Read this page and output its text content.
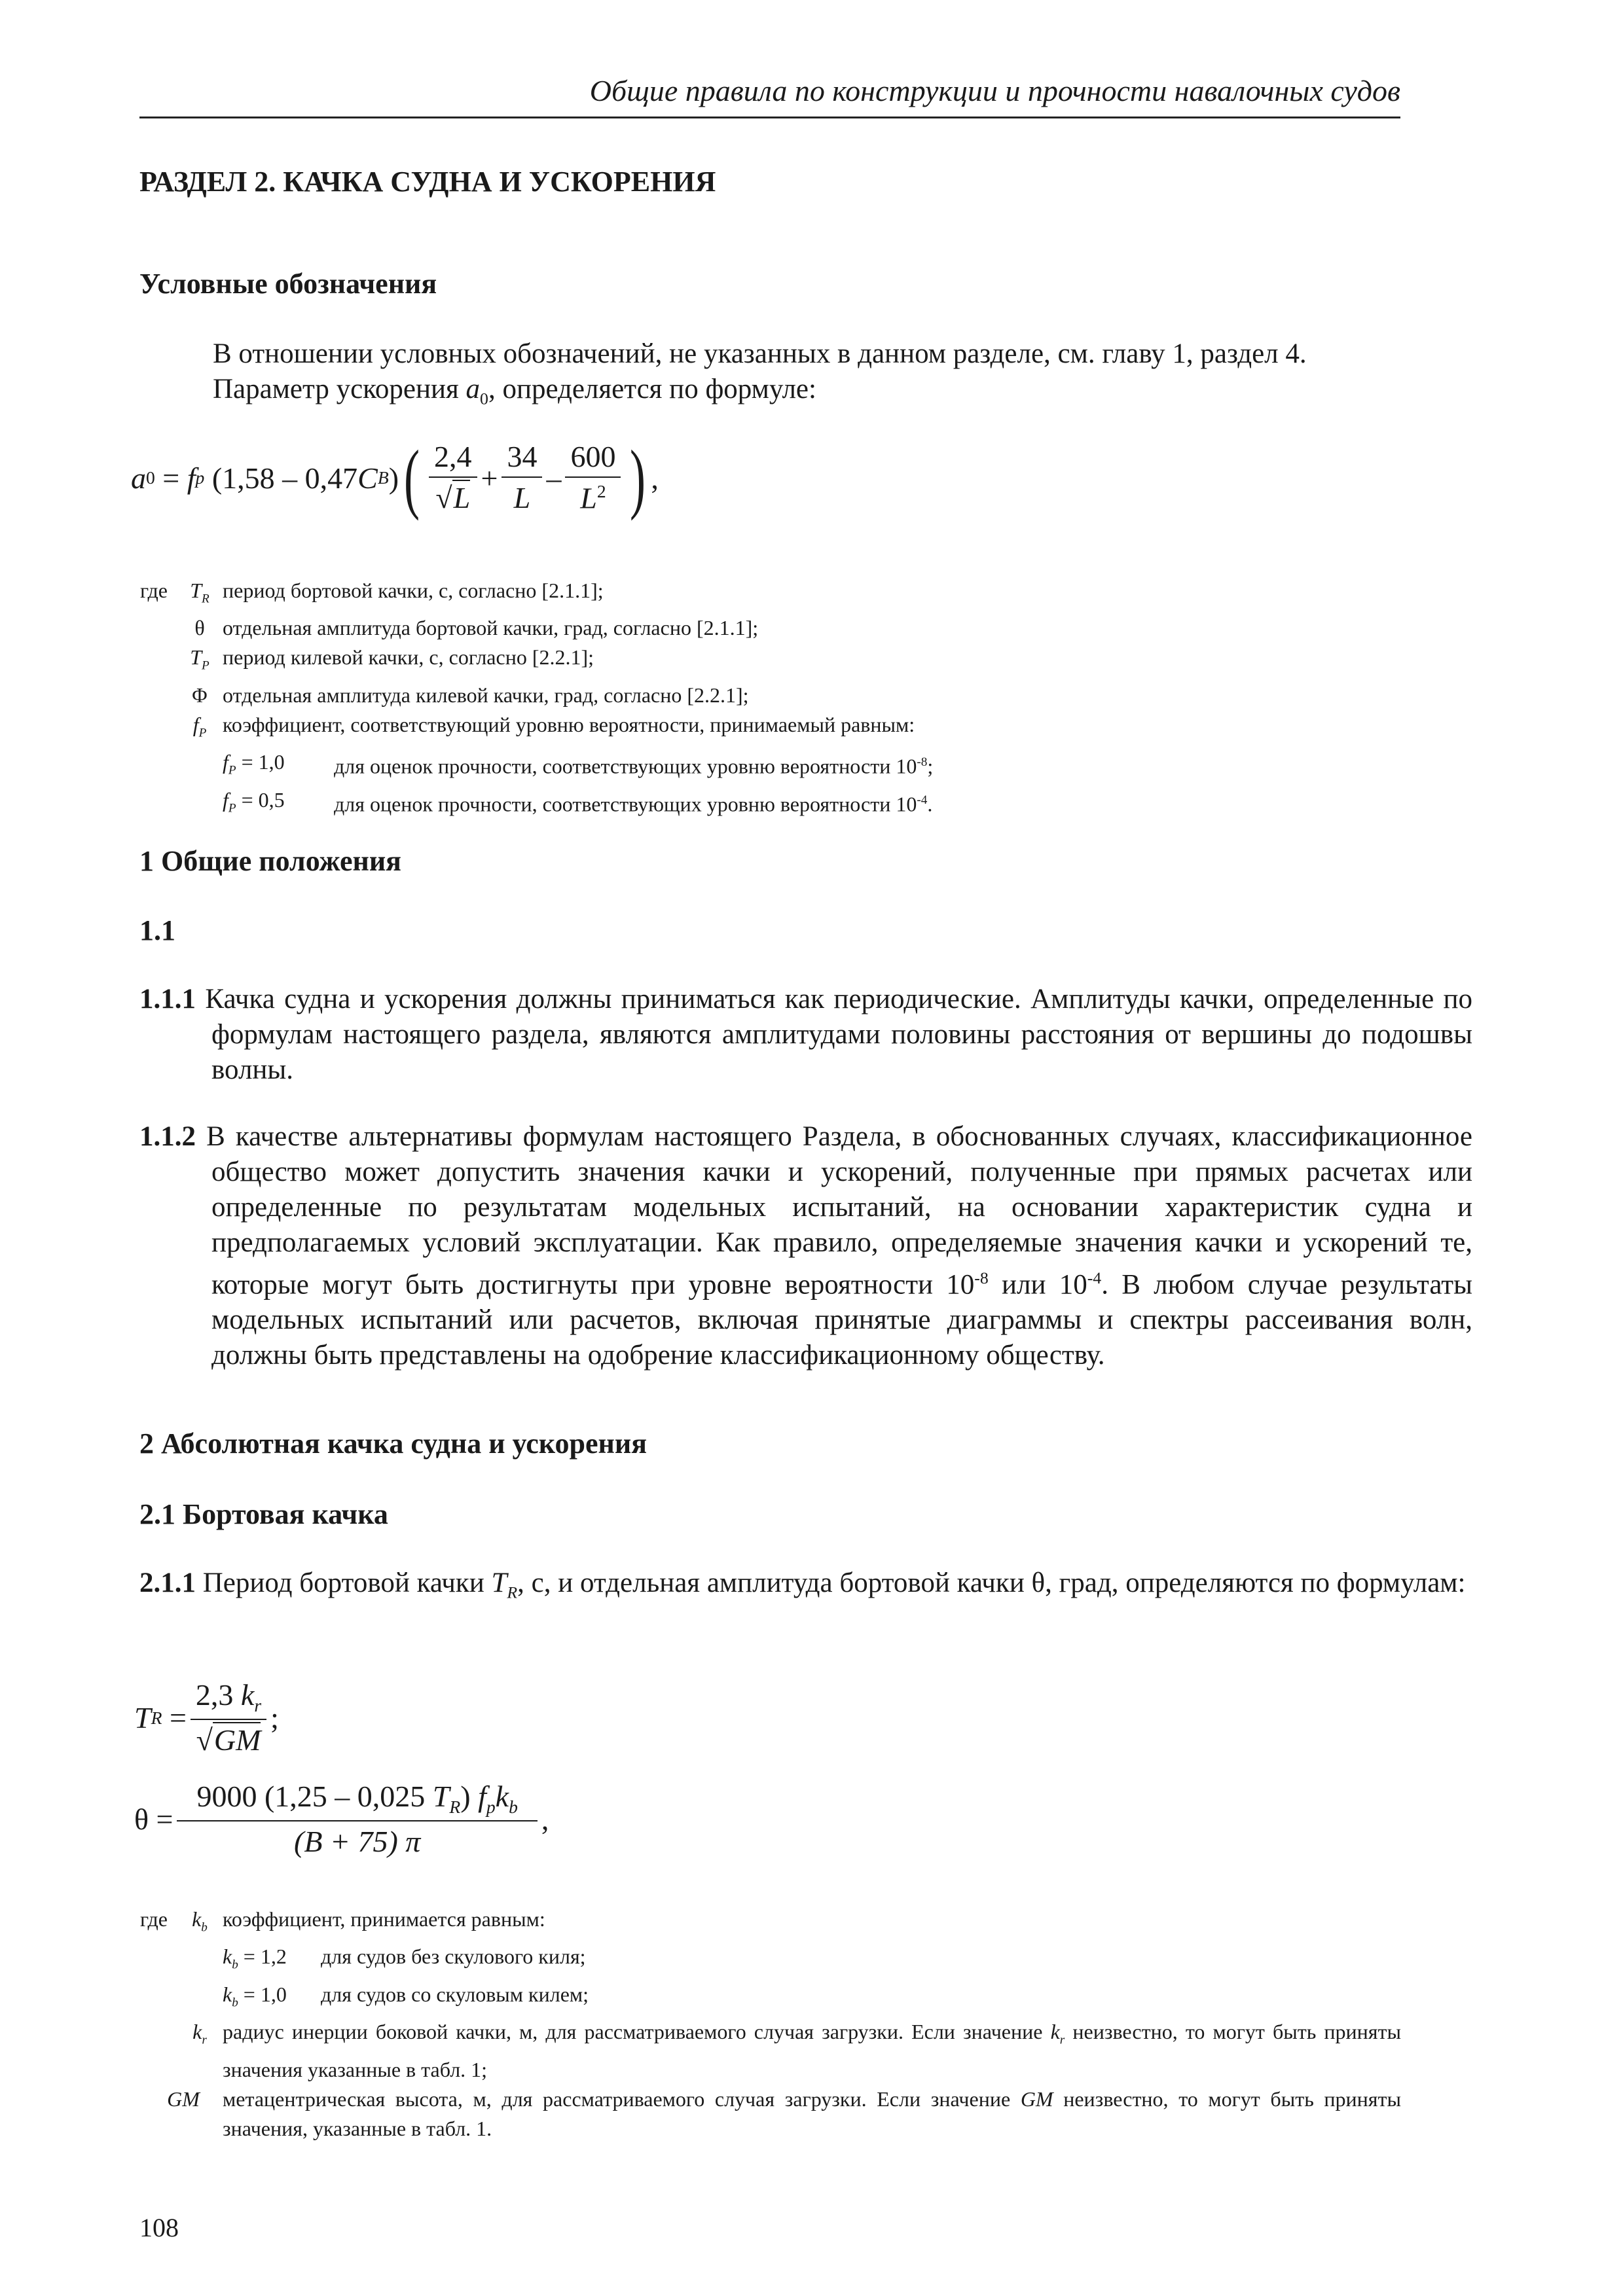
Общие правила по конструкции и прочности навалочных судов
РАЗДЕЛ 2. КАЧКА СУДНА И УСКОРЕНИЯ
Условные обозначения
В отношении условных обозначений, не указанных в данном разделе, см. главу 1, раздел 4.
Параметр ускорения $a_0$, определяется по формуле:
a 0 = f p
(1,58 – 0,47 C B ) ( $\frac{2,4}{√L} + \frac{34}{L} - \frac{600}{L^2}$ ) ,
где	$T_R$ период бортовой качки, с, согласно [2.1.1];
θ отдельная амплитуда бортовой качки, град, согласно [2.1.1];
$T_P$ период килевой качки, с, согласно [2.2.1];
Φ отдельная амплитуда килевой качки, град, согласно [2.2.1];
$f_P$ коэффициент, соответствующий уровню вероятности, принимаемый равным:
$f_P = 1,0$	для оценок прочности, соответствующих уровню вероятности $10^{-8}$;
$f_P = 0,5$	для оценок прочности, соответствующих уровню вероятности $10^{-4}$.
1 Общие положения
1.1
1.1.1 Качка судна и ускорения должны приниматься как периодические. Амплитуды качки, определенные по формулам настоящего раздела, являются амплитудами половины расстояния от вершины до подошвы волны.
1.1.2 В качестве альтернативы формулам настоящего Раздела, в обоснованных случаях, классификационное общество может допустить значения качки и ускорений, полученные при прямых расчетах или определенные по результатам модельных испытаний, на основании характеристик судна и предполагаемых условий эксплуатации. Как правило, определяемые значения качки и ускорений те, которые могут быть достигнуты при уровне вероятности $10^{-8}$ или $10^{-4}$. В любом случае результаты модельных испытаний или расчетов, включая принятые диаграммы и спектры рассеивания волн, должны быть представлены на одобрение классификационному обществу.
2 Абсолютная качка судна и ускорения
2.1 Бортовая качка
2.1.1 Период бортовой качки $T_R$, с, и отдельная амплитуда бортовой качки θ, град, определяются по формулам:
T $R = \frac{2,3 k_r}{√GM}$ ;
$\theta = \frac{9000 (1,25 - 0,025 T_R) f_pk_b}{(B + 75) \pi}$ ,
где	$k_b$ коэффициент, принимается равным:
$k_b = 1,2$	для судов без скулового киля;
$k_b = 1,0$	для судов со скуловым килем;
$k_r$ радиус инерции боковой качки, м, для рассматриваемого случая загрузки. Если значение $k_r$ неизвестно, то могут быть приняты значения указанные в табл. 1;
GM	метацентрическая высота, м, для рассматриваемого случая загрузки. Если значение GM неизвестно, то могут быть приняты значения, указанные в табл. 1.
108
